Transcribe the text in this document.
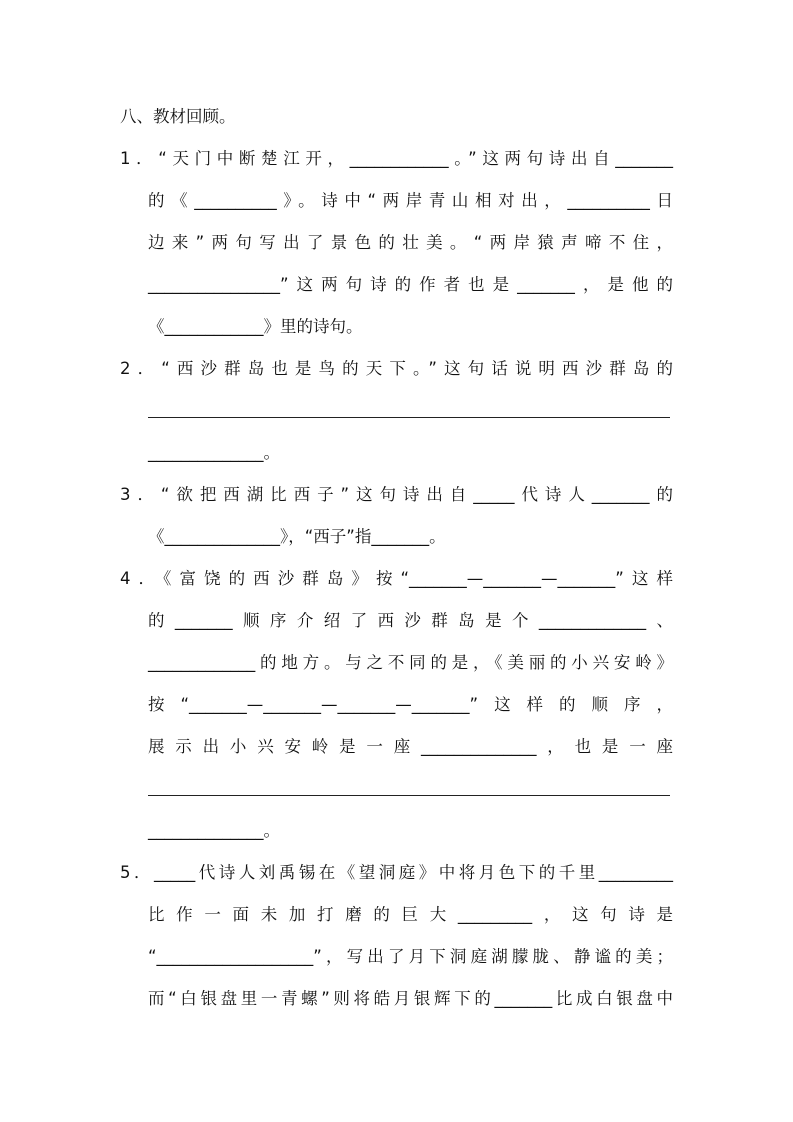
八、教材回顾。
1．“天门中断楚江开，____________。”这两句诗出自_______
的《__________》。诗中“两岸青山相对出，__________日
边来”两句写出了景色的壮美。“两岸猿声啼不住，
________________”这两句诗的作者也是_______，是他的
《____________》里的诗句。
2．“西沙群岛也是鸟的天下。”这句话说明西沙群岛的
______________。
3．“欲把西湖比西子”这句诗出自_____代诗人_______的
《______________》，“西子”指_______。
4．《富饶的西沙群岛》按“_______—_______—_______”这样
的_______顺序介绍了西沙群岛是个_____________、
_____________的地方。与之不同的是，《美丽的小兴安岭》
按“_______—_______—_______—_______”这样的顺序，
展示出小兴安岭是一座______________，也是一座
______________。
5．_____代诗人刘禹锡在《望洞庭》中将月色下的千里_________
比作一面未加打磨的巨大_________，这句诗是
“___________________”，写出了月下洞庭湖朦胧、静谧的美；
而“白银盘里一青螺”则将皓月银辉下的_______比成白银盘中
